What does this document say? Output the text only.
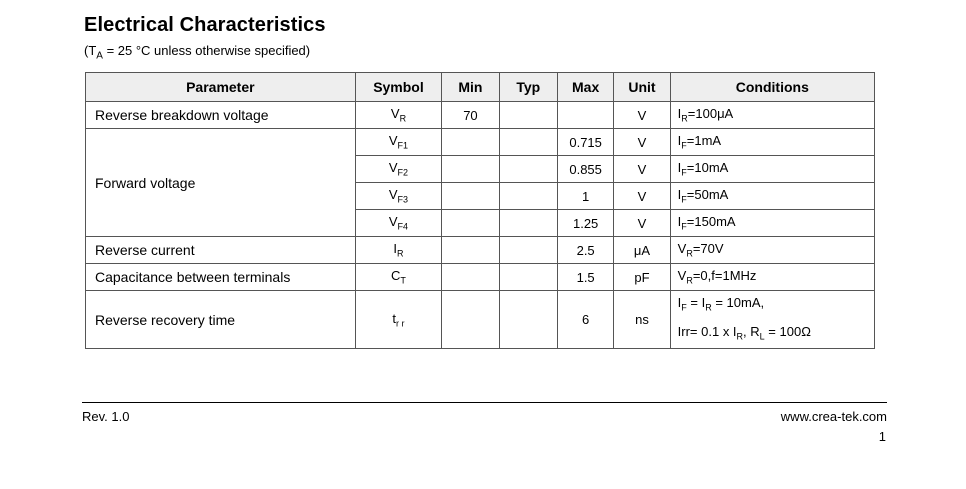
Electrical Characteristics
($T_A = 25$ °C unless otherwise specified)
Parameter	Symbol	Min	Typ	Max	Unit	Conditions
Reverse breakdown voltage	$V_R$	70			V	$I_R=100\mu A$
Forward voltage	$V_{F1}$			0.715	V	$I_F=1mA$
	$V_{F2}$			0.855	V	$I_F=10mA$
	$V_{F3}$			1	V	$I_F=50mA$
	$V_{F4}$			1.25	V	$I_F=150mA$
Reverse current	$I_R$			2.5	μA	$V_R=70V$
Capacitance between terminals	$C_T$			1.5	pF	$V_R=0,f=1MHz$
Reverse recovery time	$t_{r r}$			6	ns	$I_F = I_R = 10mA$,
Irr= 0.1 x $I_R$, $R_L = 100\Omega$
Rev. 1.0	www.crea-tek.com
1
